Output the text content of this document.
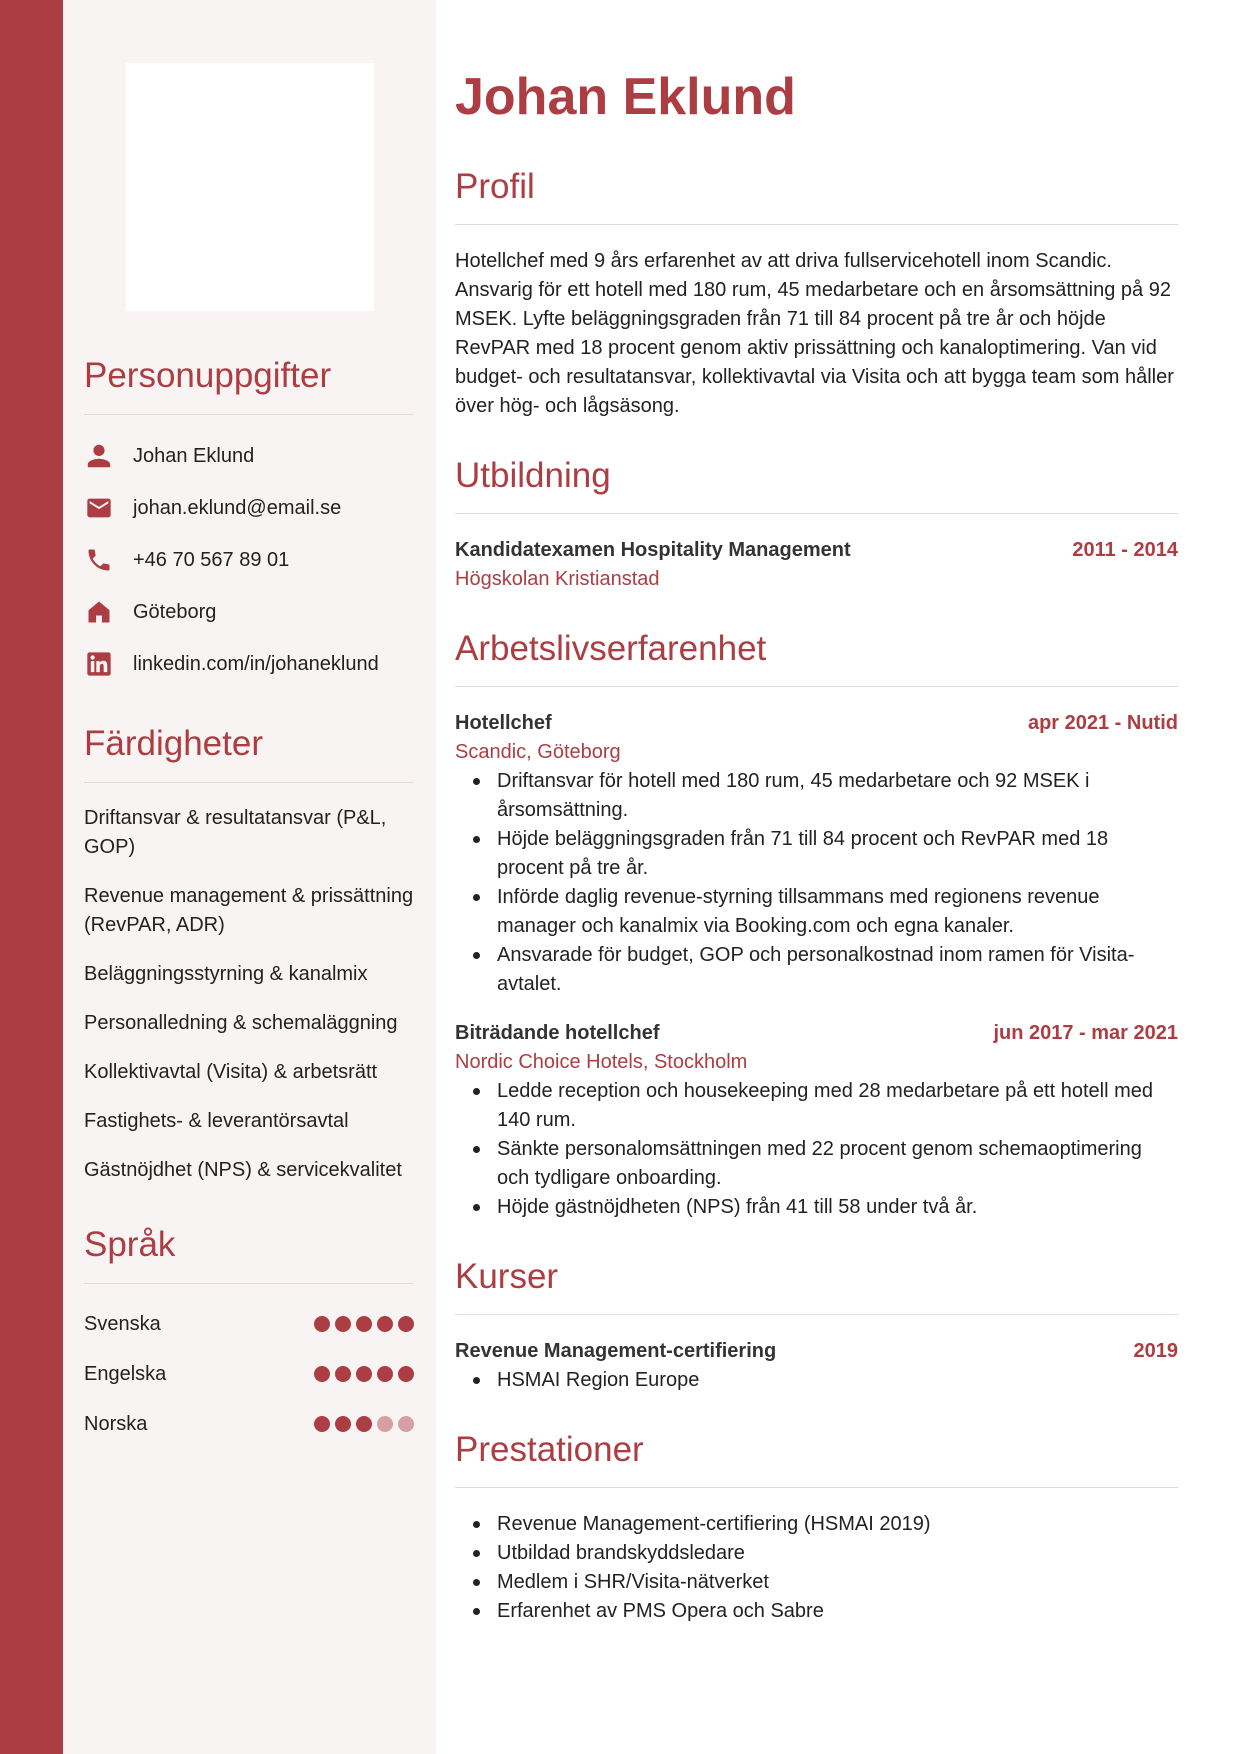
Personuppgifter
Johan Eklund
johan.eklund@email.se
+46 70 567 89 01
Göteborg
linkedin.com/in/johaneklund
Färdigheter
Driftansvar & resultatansvar (P&L, GOP)
Revenue management & prissättning (RevPAR, ADR)
Beläggningsstyrning & kanalmix
Personalledning & schemaläggning
Kollektivavtal (Visita) & arbetsrätt
Fastighets- & leverantörsavtal
Gästnöjdhet (NPS) & servicekvalitet
Språk
Svenska
Engelska
Norska
Johan Eklund
Profil

Hotellchef med 9 års erfarenhet av att driva fullservicehotell inom Scandic. Ansvarig för ett hotell med 180 rum, 45 medarbetare och en årsomsättning på 92 MSEK. Lyfte beläggningsgraden från 71 till 84 procent på tre år och höjde RevPAR med 18 procent genom aktiv prissättning och kanaloptimering. Van vid budget- och resultatansvar, kollektivavtal via Visita och att bygga team som håller över hög- och lågsäsong.

Utbildning
Kandidatexamen Hospitality Management	2011 - 2014
Högskolan Kristianstad
Arbetslivserfarenhet
Hotellchef	apr 2021 - Nutid
Scandic, Göteborg
Driftansvar för hotell med 180 rum, 45 medarbetare och 92 MSEK i årsomsättning.
Höjde beläggningsgraden från 71 till 84 procent och RevPAR med 18 procent på tre år.
Införde daglig revenue-styrning tillsammans med regionens revenue manager och kanalmix via Booking.com och egna kanaler.
Ansvarade för budget, GOP och personalkostnad inom ramen för Visita-avtalet.
Biträdande hotellchef	jun 2017 - mar 2021
Nordic Choice Hotels, Stockholm
Ledde reception och housekeeping med 28 medarbetare på ett hotell med 140 rum.
Sänkte personalomsättningen med 22 procent genom schemaoptimering och tydligare onboarding.
Höjde gästnöjdheten (NPS) från 41 till 58 under två år.
Kurser
Revenue Management-certifiering	2019
HSMAI Region Europe
Prestationer
Revenue Management-certifiering (HSMAI 2019)
Utbildad brandskyddsledare
Medlem i SHR/Visita-nätverket
Erfarenhet av PMS Opera och Sabre
